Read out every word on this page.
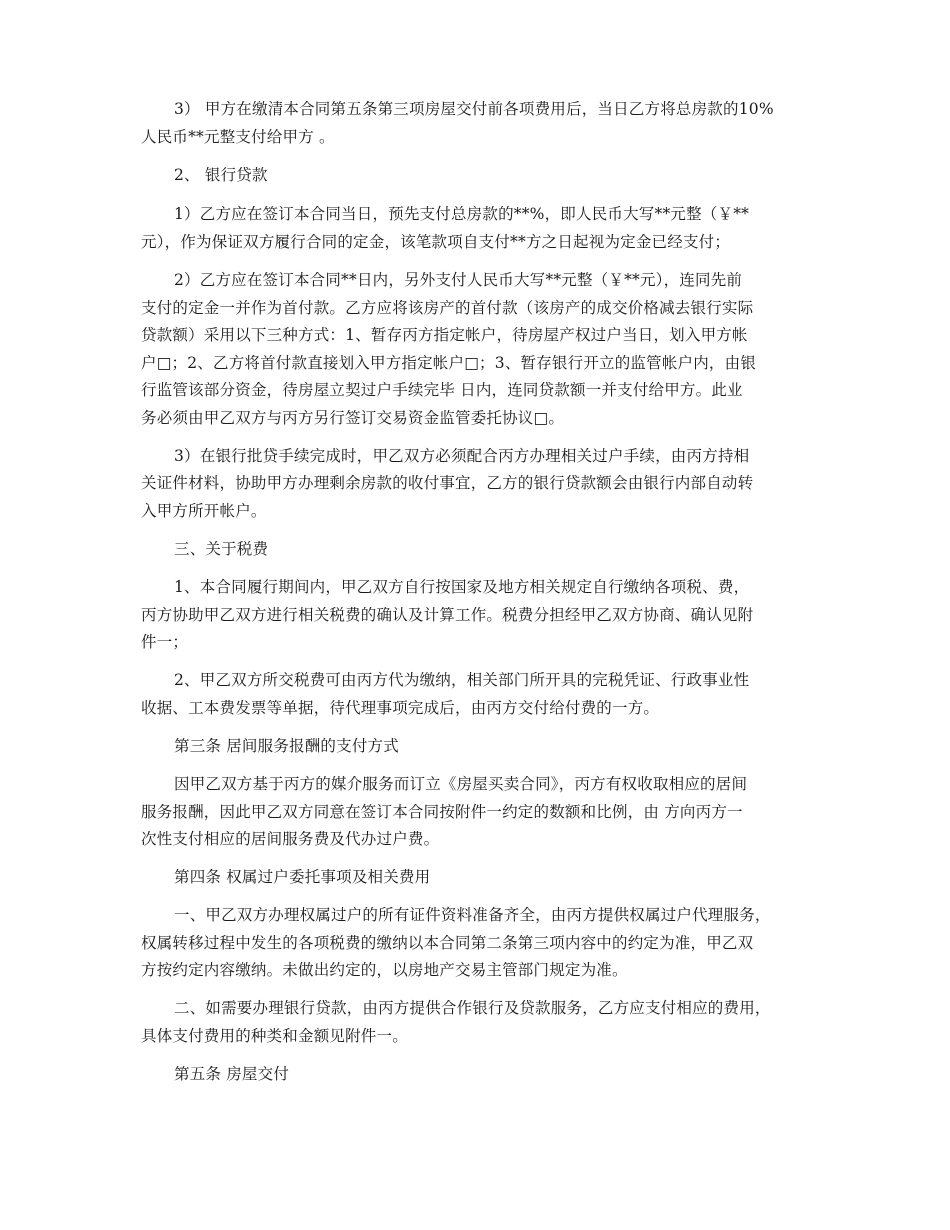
3） 甲方在缴清本合同第五条第三项房屋交付前各项费用后，当日乙方将总房款的10%
人民币**元整支付给甲方 。
2、 银行贷款
1）乙方应在签订本合同当日，预先支付总房款的**%，即人民币大写**元整（￥**
元），作为保证双方履行合同的定金，该笔款项自支付**方之日起视为定金已经支付；
2）乙方应在签订本合同**日内，另外支付人民币大写**元整（￥**元），连同先前
支付的定金一并作为首付款。乙方应将该房产的首付款（该房产的成交价格减去银行实际
贷款额）采用以下三种方式：1、暂存丙方指定帐户，待房屋产权过户当日，划入甲方帐
户□；2、乙方将首付款直接划入甲方指定帐户□；3、暂存银行开立的监管帐户内，由银
行监管该部分资金，待房屋立契过户手续完毕 日内，连同贷款额一并支付给甲方。此业
务必须由甲乙双方与丙方另行签订交易资金监管委托协议□。
3）在银行批贷手续完成时，甲乙双方必须配合丙方办理相关过户手续，由丙方持相
关证件材料，协助甲方办理剩余房款的收付事宜，乙方的银行贷款额会由银行内部自动转
入甲方所开帐户。
三、关于税费
1、本合同履行期间内，甲乙双方自行按国家及地方相关规定自行缴纳各项税、费，
丙方协助甲乙双方进行相关税费的确认及计算工作。税费分担经甲乙双方协商、确认见附
件一；
2、甲乙双方所交税费可由丙方代为缴纳，相关部门所开具的完税凭证、行政事业性
收据、工本费发票等单据，待代理事项完成后，由丙方交付给付费的一方。
第三条 居间服务报酬的支付方式
因甲乙双方基于丙方的媒介服务而订立《房屋买卖合同》，丙方有权收取相应的居间
服务报酬，因此甲乙双方同意在签订本合同按附件一约定的数额和比例，由 方向丙方一
次性支付相应的居间服务费及代办过户费。
第四条 权属过户委托事项及相关费用
一、甲乙双方办理权属过户的所有证件资料准备齐全，由丙方提供权属过户代理服务，
权属转移过程中发生的各项税费的缴纳以本合同第二条第三项内容中的约定为准，甲乙双
方按约定内容缴纳。未做出约定的，以房地产交易主管部门规定为准。
二、如需要办理银行贷款，由丙方提供合作银行及贷款服务，乙方应支付相应的费用，
具体支付费用的种类和金额见附件一。
第五条 房屋交付
